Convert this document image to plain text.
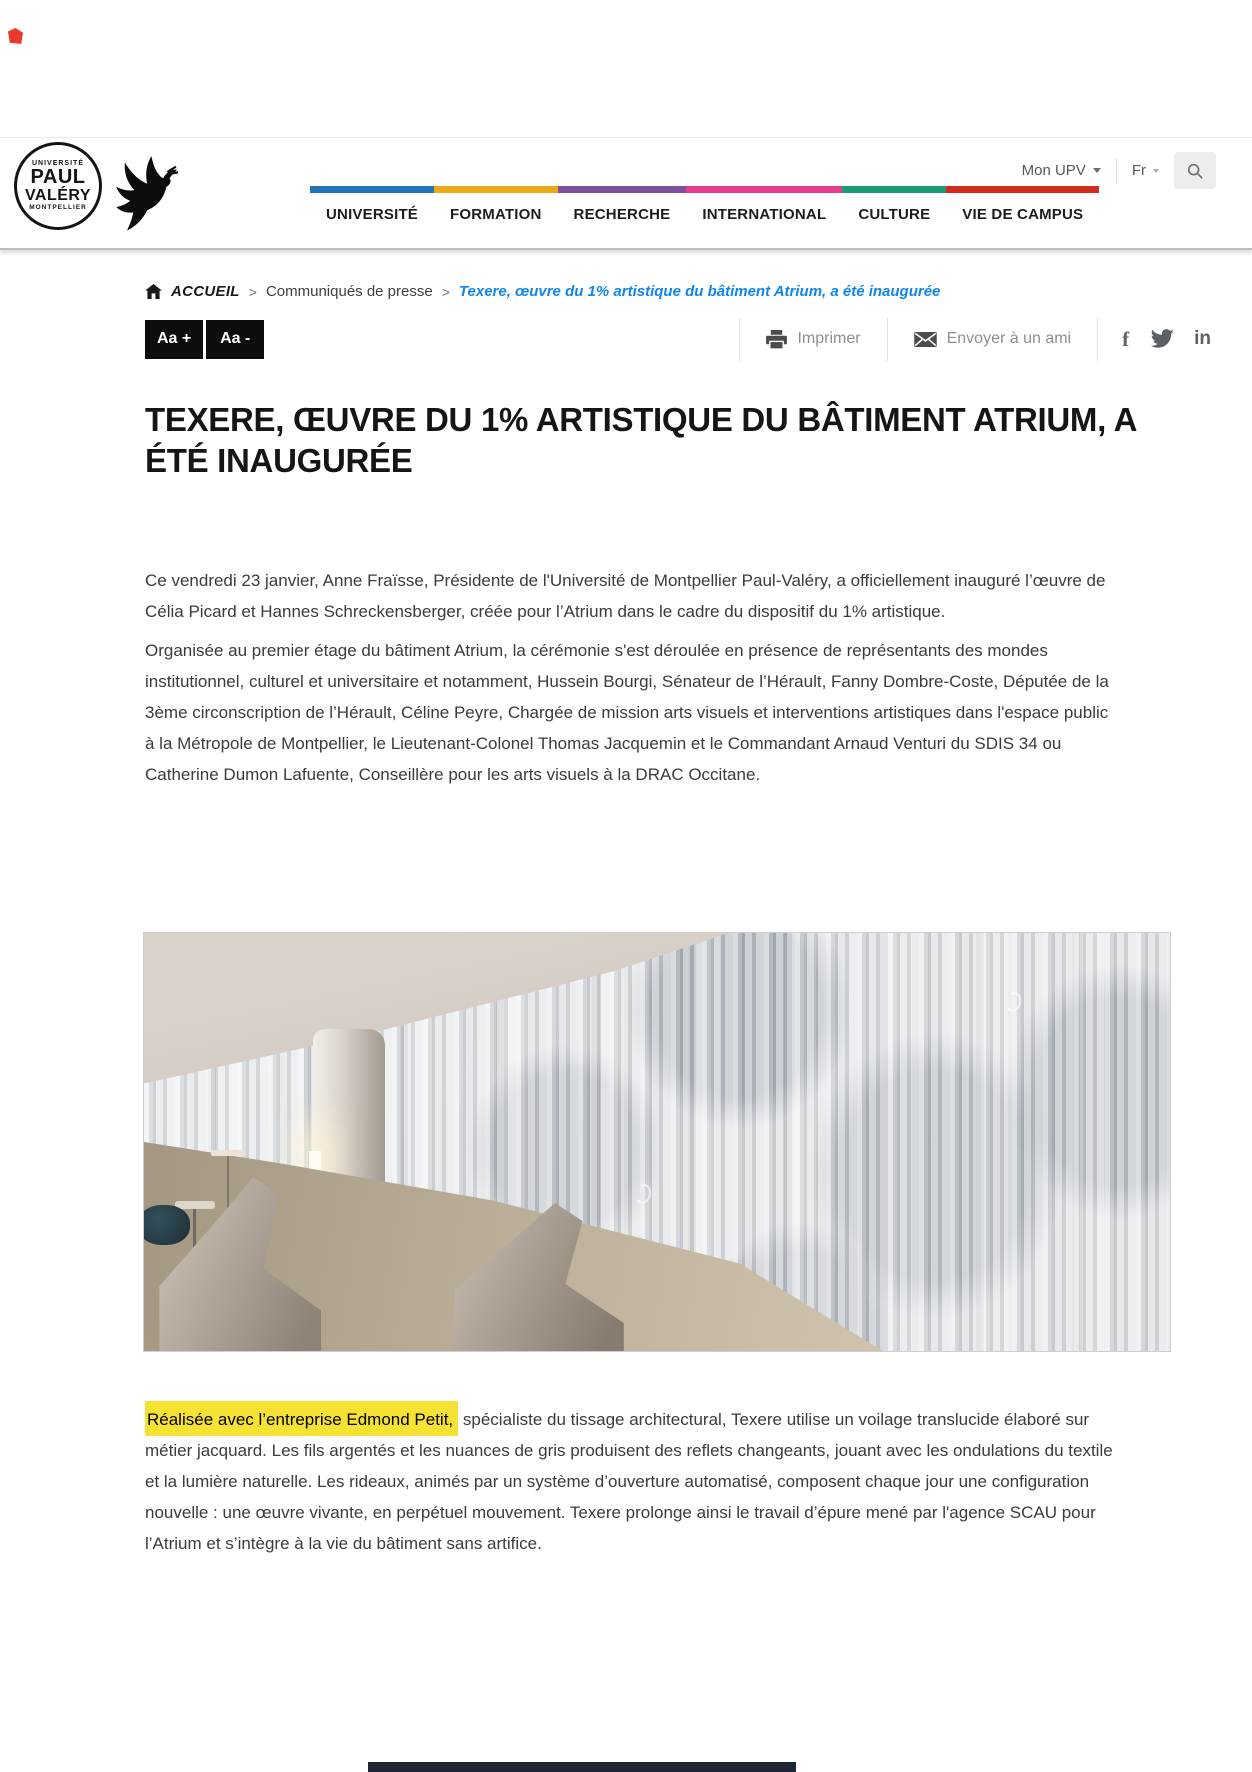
UNIVERSITÉ
PAUL
VALÉRY
MONTPELLIER
Mon UPV	Fr
UNIVERSITÉ	FORMATION	RECHERCHE	INTERNATIONAL	CULTURE	VIE DE CAMPUS
ACCUEIL > Communiqués de presse > Texere, œuvre du 1% artistique du bâtiment Atrium, a été inaugurée
Aa +	Aa -	Imprimer	Envoyer à un ami f	in
TEXERE, ŒUVRE DU 1% ARTISTIQUE DU BÂTIMENT ATRIUM, A ÉTÉ INAUGURÉE

Ce vendredi 23 janvier, Anne Fraïsse, Présidente de l'Université de Montpellier Paul-Valéry, a officiellement inauguré l’œuvre de Célia Picard et Hannes Schreckensberger, créée pour l’Atrium dans le cadre du dispositif du 1% artistique.

Organisée au premier étage du bâtiment Atrium, la cérémonie s'est déroulée en présence de représentants des mondes institutionnel, culturel et universitaire et notamment, Hussein Bourgi, Sénateur de l’Hérault, Fanny Dombre-Coste, Députée de la 3ème circonscription de l’Hérault, Céline Peyre, Chargée de mission arts visuels et interventions artistiques dans l'espace public à la Métropole de Montpellier, le Lieutenant-Colonel Thomas Jacquemin et le Commandant Arnaud Venturi du SDIS 34 ou Catherine Dumon Lafuente, Conseillère pour les arts visuels à la DRAC Occitane.

Réalisée avec l’entreprise Edmond Petit, spécialiste du tissage architectural, Texere utilise un voilage translucide élaboré sur métier jacquard. Les fils argentés et les nuances de gris produisent des reflets changeants, jouant avec les ondulations du textile et la lumière naturelle. Les rideaux, animés par un système d’ouverture automatisé, composent chaque jour une configuration nouvelle : une œuvre vivante, en perpétuel mouvement. Texere prolonge ainsi le travail d’épure mené par l'agence SCAU pour l’Atrium et s’intègre à la vie du bâtiment sans artifice.
